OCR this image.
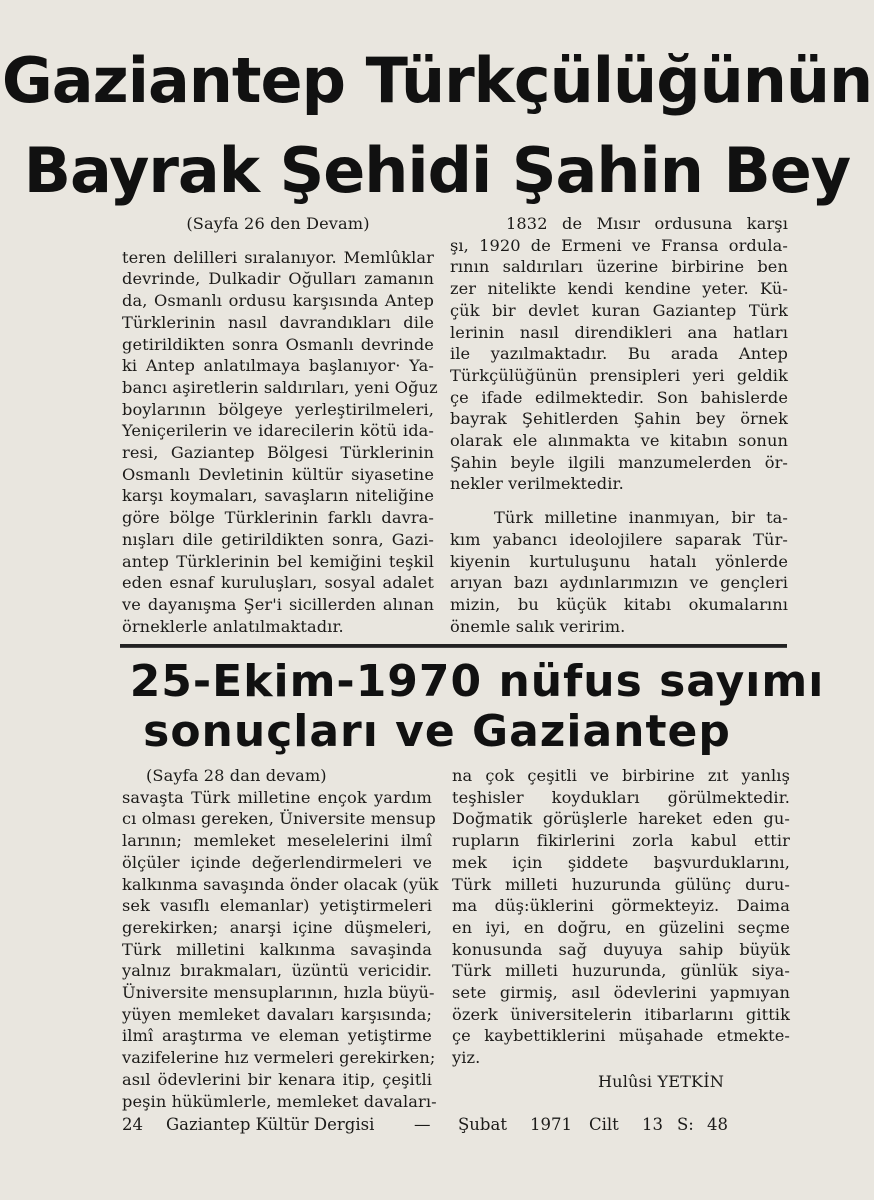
Gaziantep Türkçülüğünün
Bayrak Şehidi Şahin Bey
(Sayfa 26 den Devam)
teren delilleri sıralanıyor. Memlûklar
devrinde, Dulkadir Oğulları zamanın
da, Osmanlı ordusu karşısında Antep
Türklerinin nasıl davrandıkları dile
getirildikten sonra Osmanlı devrinde
ki Antep anlatılmaya başlanıyor· Ya-
bancı aşiretlerin saldırıları, yeni Oğuz
boylarının bölgeye yerleştirilmeleri,
Yeniçerilerin ve idarecilerin kötü ida-
resi, Gaziantep Bölgesi Türklerinin
Osmanlı Devletinin kültür siyasetine
karşı koymaları, savaşların niteliğine
göre bölge Türklerinin farklı davra-
nışları dile getirildikten sonra, Gazi-
antep Türklerinin bel kemiğini teşkil
eden esnaf kuruluşları, sosyal adalet
ve dayanışma Şer'i sicillerden alınan
örneklerle anlatılmaktadır.
1832 de Mısır ordusuna karşı
şı, 1920 de Ermeni ve Fransa ordula-
rının saldırıları üzerine birbirine ben
zer nitelikte kendi kendine yeter. Kü-
çük bir devlet kuran Gaziantep Türk
lerinin nasıl direndikleri ana hatları
ile yazılmaktadır. Bu arada Antep
Türkçülüğünün prensipleri yeri geldik
çe ifade edilmektedir. Son bahislerde
bayrak Şehitlerden Şahin bey örnek
olarak ele alınmakta ve kitabın sonun
Şahin beyle ilgili manzumelerden ör-
nekler verilmektedir.
Türk milletine inanmıyan, bir ta-
kım yabancı ideolojilere saparak Tür-
kiyenin kurtuluşunu hatalı yönlerde
arıyan bazı aydınlarımızın ve gençleri
mizin, bu küçük kitabı okumalarını
önemle salık veririm.
25-Ekim-1970 nüfus sayımı
sonuçları ve Gaziantep
(Sayfa 28 dan devam)
savaşta Türk milletine ençok yardım
cı olması gereken, Üniversite mensup
larının; memleket meselelerini ilmî
ölçüler içinde değerlendirmeleri ve
kalkınma savaşında önder olacak (yük
sek vasıflı elemanlar) yetiştirmeleri
gerekirken; anarşi içine düşmeleri,
Türk milletini kalkınma savaşinda
yalnız bırakmaları, üzüntü vericidir.
Üniversite mensuplarının, hızla büyü-
yüyen memleket davaları karşısında;
ilmî araştırma ve eleman yetiştirme
vazifelerine hız vermeleri gerekirken;
asıl ödevlerini bir kenara itip, çeşitli
peşin hükümlerle, memleket davaları-
na çok çeşitli ve birbirine zıt yanlış
teşhisler koydukları görülmektedir.
Doğmatik görüşlerle hareket eden gu-
rupların fikirlerini zorla kabul ettir
mek için şiddete başvurduklarını,
Türk milleti huzurunda gülünç duru-
ma düş:üklerini görmekteyiz. Daima
en iyi, en doğru, en güzelini seçme
konusunda sağ duyuya sahip büyük
Türk milleti huzurunda, günlük siya-
sete girmiş, asıl ödevlerini yapmıyan
özerk üniversitelerin itibarlarını gittik
çe kaybettiklerini müşahade etmekte-
yiz.
Hulûsi YETKİN
24 Gaziantep Kültür Dergisi — Şubat 1971 Cilt 13 S: 48
